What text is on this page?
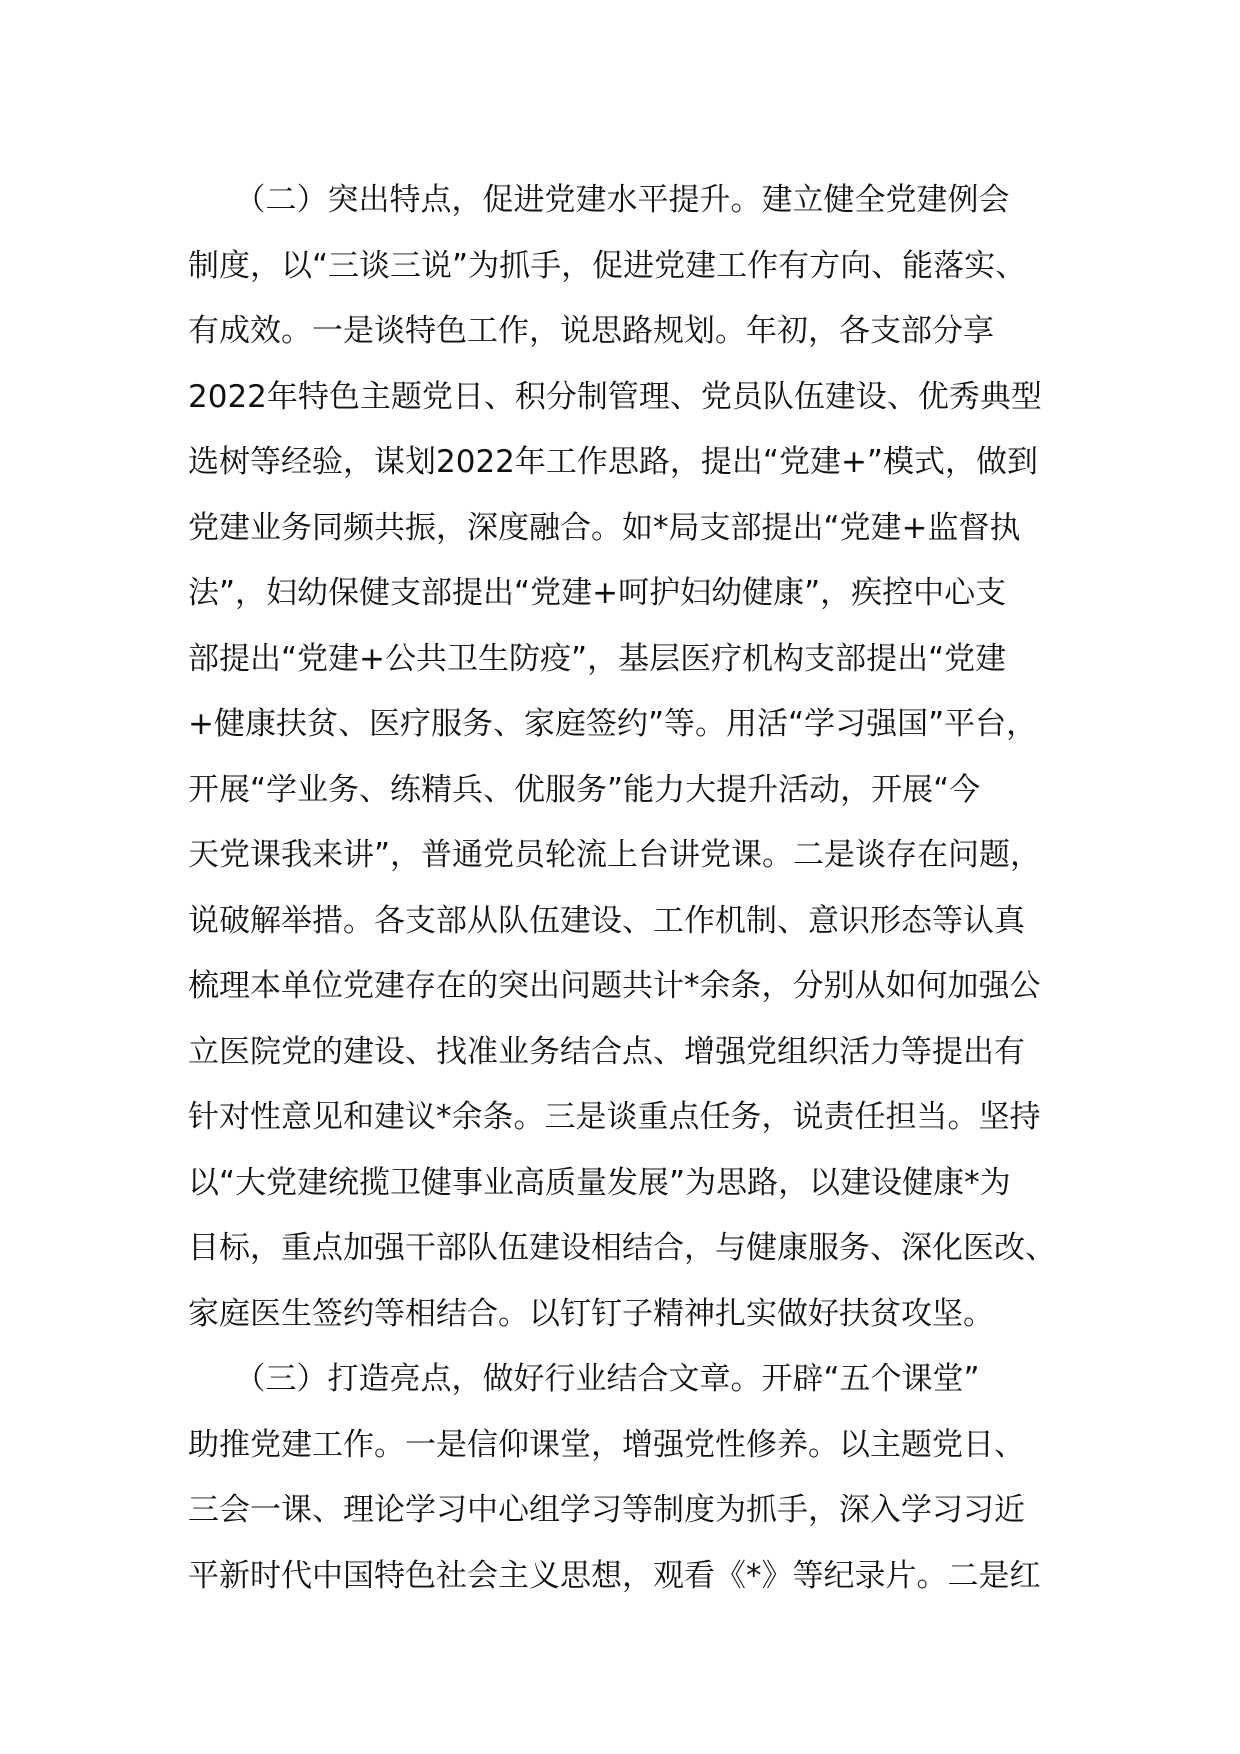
　　（二）突出特点，促进党建水平提升。建立健全党建例会
制度，以“三谈三说”为抓手，促进党建工作有方向、能落实、
有成效。一是谈特色工作，说思路规划。年初，各支部分享
2022年特色主题党日、积分制管理、党员队伍建设、优秀典型
选树等经验，谋划2022年工作思路，提出“党建+”模式，做到
党建业务同频共振，深度融合。如*局支部提出“党建+监督执
法”，妇幼保健支部提出“党建+呵护妇幼健康”，疾控中心支
部提出“党建+公共卫生防疫”，基层医疗机构支部提出“党建
+健康扶贫、医疗服务、家庭签约”等。用活“学习强国”平台，
开展“学业务、练精兵、优服务”能力大提升活动，开展“今
天党课我来讲”，普通党员轮流上台讲党课。二是谈存在问题，
说破解举措。各支部从队伍建设、工作机制、意识形态等认真
梳理本单位党建存在的突出问题共计*余条，分别从如何加强公
立医院党的建设、找准业务结合点、增强党组织活力等提出有
针对性意见和建议*余条。三是谈重点任务，说责任担当。坚持
以“大党建统揽卫健事业高质量发展”为思路，以建设健康*为
目标，重点加强干部队伍建设相结合，与健康服务、深化医改、
家庭医生签约等相结合。以钉钉子精神扎实做好扶贫攻坚。
　　（三）打造亮点，做好行业结合文章。开辟“五个课堂”
助推党建工作。一是信仰课堂，增强党性修养。以主题党日、
三会一课、理论学习中心组学习等制度为抓手，深入学习习近
平新时代中国特色社会主义思想，观看《*》等纪录片。二是红
